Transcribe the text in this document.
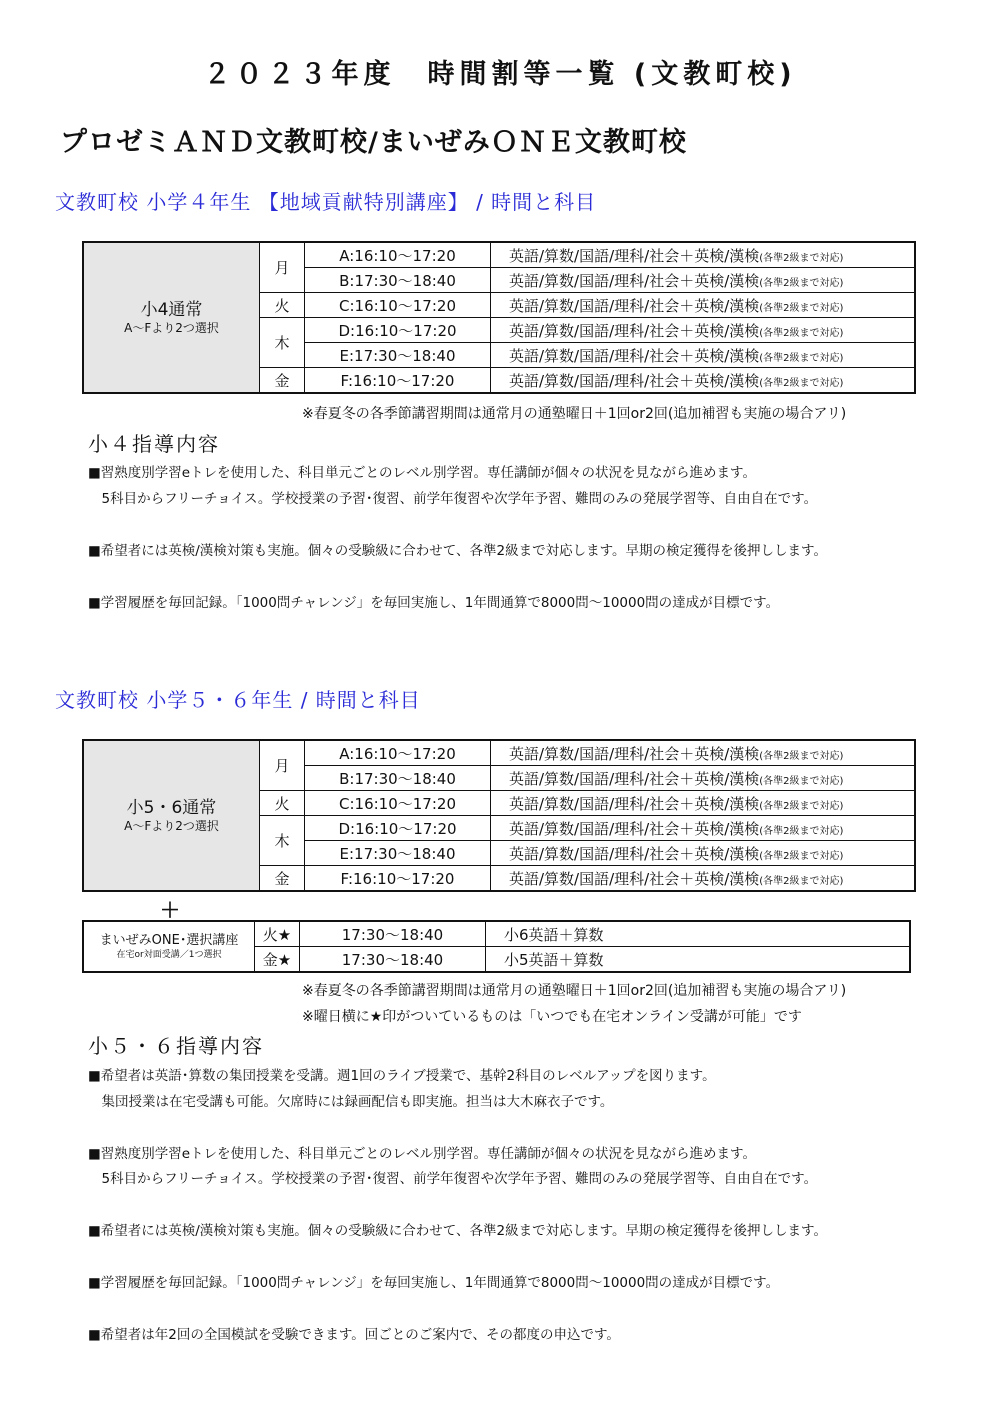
２０２３年度　時間割等一覧 (文教町校)
プロゼミＡＮＤ文教町校/まいぜみＯＮＥ文教町校
文教町校 小学４年生 【地域貢献特別講座】 / 時間と科目
小4通常
A～Fより2つ選択	月	A:16:10～17:20	英語/算数/国語/理科/社会＋英検/漢検(各準2級まで対応)
		B:17:30～18:40	英語/算数/国語/理科/社会＋英検/漢検(各準2級まで対応)
	火	C:16:10～17:20	英語/算数/国語/理科/社会＋英検/漢検(各準2級まで対応)
	木	D:16:10～17:20	英語/算数/国語/理科/社会＋英検/漢検(各準2級まで対応)
		E:17:30～18:40	英語/算数/国語/理科/社会＋英検/漢検(各準2級まで対応)
	金	F:16:10～17:20	英語/算数/国語/理科/社会＋英検/漢検(各準2級まで対応)
※春夏冬の各季節講習期間は通常月の通塾曜日＋1回or2回(追加補習も実施の場合アリ)
小４指導内容
■習熟度別学習eトレを使用した、科目単元ごとのレベル別学習。専任講師が個々の状況を見ながら進めます。
　5科目からフリーチョイス。学校授業の予習･復習、前学年復習や次学年予習、難問のみの発展学習等、自由自在です。
■希望者には英検/漢検対策も実施。個々の受験級に合わせて、各準2級まで対応します。早期の検定獲得を後押しします。
■学習履歴を毎回記録。「1000問チャレンジ」を毎回実施し、1年間通算で8000問～10000問の達成が目標です。
文教町校 小学５・６年生 / 時間と科目
小5・6通常
A～Fより2つ選択	月	A:16:10～17:20	英語/算数/国語/理科/社会＋英検/漢検(各準2級まで対応)
		B:17:30～18:40	英語/算数/国語/理科/社会＋英検/漢検(各準2級まで対応)
	火	C:16:10～17:20	英語/算数/国語/理科/社会＋英検/漢検(各準2級まで対応)
	木	D:16:10～17:20	英語/算数/国語/理科/社会＋英検/漢検(各準2級まで対応)
		E:17:30～18:40	英語/算数/国語/理科/社会＋英検/漢検(各準2級まで対応)
	金	F:16:10～17:20	英語/算数/国語/理科/社会＋英検/漢検(各準2級まで対応)
＋
まいぜみONE･選択講座
在宅or対面受講／1つ選択	火★	17:30～18:40	小6英語＋算数
	金★	17:30～18:40	小5英語＋算数
※春夏冬の各季節講習期間は通常月の通塾曜日＋1回or2回(追加補習も実施の場合アリ)
※曜日横に★印がついているものは「いつでも在宅オンライン受講が可能」です
小５・６指導内容
■希望者は英語･算数の集団授業を受講。週1回のライブ授業で、基幹2科目のレベルアップを図ります。
　集団授業は在宅受講も可能。欠席時には録画配信も即実施。担当は大木麻衣子です。
■習熟度別学習eトレを使用した、科目単元ごとのレベル別学習。専任講師が個々の状況を見ながら進めます。
　5科目からフリーチョイス。学校授業の予習･復習、前学年復習や次学年予習、難問のみの発展学習等、自由自在です。
■希望者には英検/漢検対策も実施。個々の受験級に合わせて、各準2級まで対応します。早期の検定獲得を後押しします。
■学習履歴を毎回記録。「1000問チャレンジ」を毎回実施し、1年間通算で8000問～10000問の達成が目標です。
■希望者は年2回の全国模試を受験できます。回ごとのご案内で、その都度の申込です。
